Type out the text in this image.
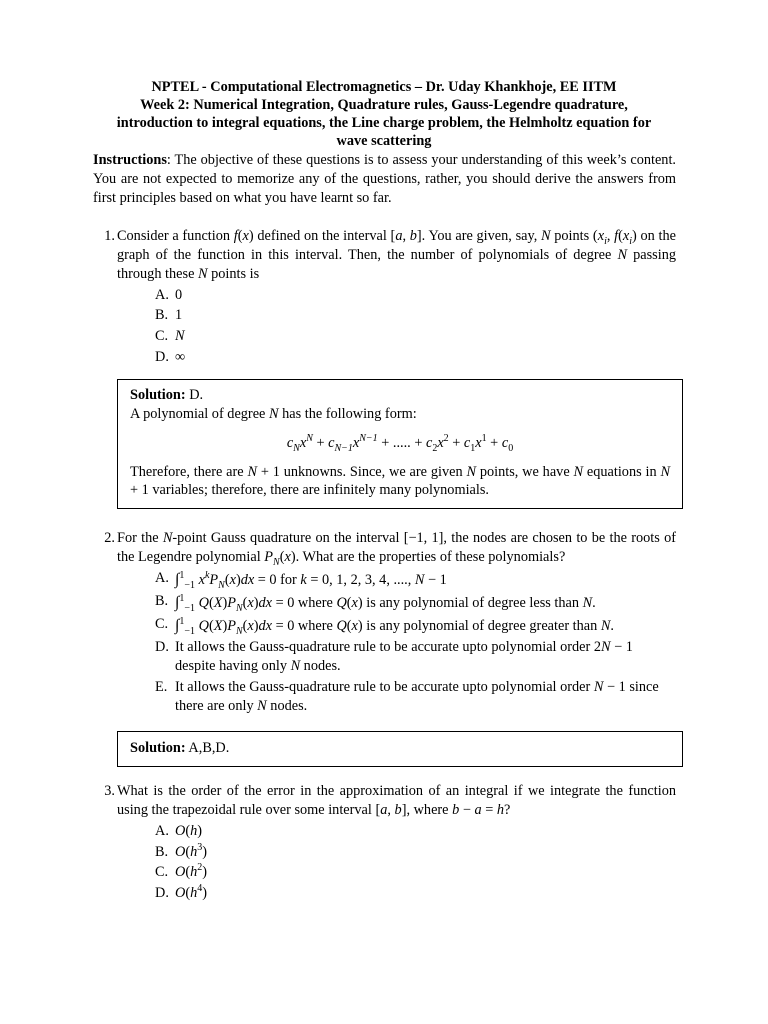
NPTEL - Computational Electromagnetics – Dr. Uday Khankhoje, EE IITM
Week 2: Numerical Integration, Quadrature rules, Gauss-Legendre quadrature,
introduction to integral equations, the Line charge problem, the Helmholtz equation for
wave scattering
Instructions: The objective of these questions is to assess your understanding of this week’s content. You are not expected to memorize any of the questions, rather, you should derive the answers from first principles based on what you have learnt so far.
1. Consider a function f(x) defined on the interval [a, b]. You are given, say, N points ($x_i$, $f(x_i)$ on the graph of the function in this interval. Then, the number of polynomials of degree N passing through these N points is
A. 0
B. 1
C. N
D. ∞
Solution: D.
A polynomial of degree N has the following form:
$c_Nx^N + c_{N-1}x^{N-1}$ + ..... + $c_2x^2 + c_1x^1 + c_0$
Therefore, there are N + 1 unknowns. Since, we are given N points, we have N equations in N + 1 variables; therefore, there are infinitely many polynomials.
2. For the N-point Gauss quadrature on the interval [−1, 1], the nodes are chosen to be the roots of the Legendre polynomial $P_N(x)$. What are the properties of these polynomials?
A. ∫$^1_{-1}$ $x^kP_N(x)dx = 0$ for k = 0, 1, 2, 3, 4, ...., N − 1
B. ∫$^1_{-1}$ $Q(X)P_N(x)dx = 0$ where Q(x) is any polynomial of degree less than N.
C. ∫$^1_{-1}$ $Q(X)P_N(x)dx = 0$ where Q(x) is any polynomial of degree greater than N.
D. It allows the Gauss-quadrature rule to be accurate upto polynomial order 2N − 1 despite having only N nodes.
E. It allows the Gauss-quadrature rule to be accurate upto polynomial order N − 1 since there are only N nodes.
Solution: A,B,D.
3. What is the order of the error in the approximation of an integral if we integrate the function using the trapezoidal rule over some interval [a, b], where b − a = h?
A. O(h)
B. $O(h^3)$
C. $O(h^2)$
D. $O(h^4)$
